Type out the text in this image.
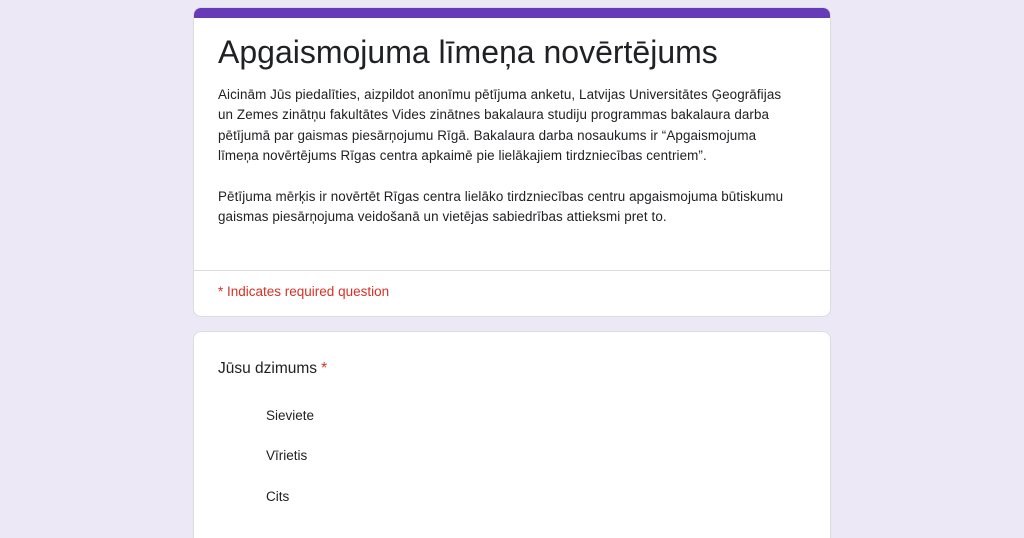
Apgaismojuma līmeņa novērtējums

Aicinām Jūs piedalīties, aizpildot anonīmu pētījuma anketu, Latvijas Universitātes Ģeogrāfijas un Zemes zinātņu fakultātes Vides zinātnes bakalaura studiju programmas bakalaura darba pētījumā par gaismas piesārņojumu Rīgā. Bakalaura darba nosaukums ir “Apgaismojuma līmeņa novērtējums Rīgas centra apkaimē pie lielākajiem tirdzniecības centriem”.

Pētījuma mērķis ir novērtēt Rīgas centra lielāko tirdzniecības centru apgaismojuma būtiskumu gaismas piesārņojuma veidošanā un vietējas sabiedrības attieksmi pret to.

* Indicates required question
Jūsu dzimums *
Sieviete
Vīrietis
Cits
